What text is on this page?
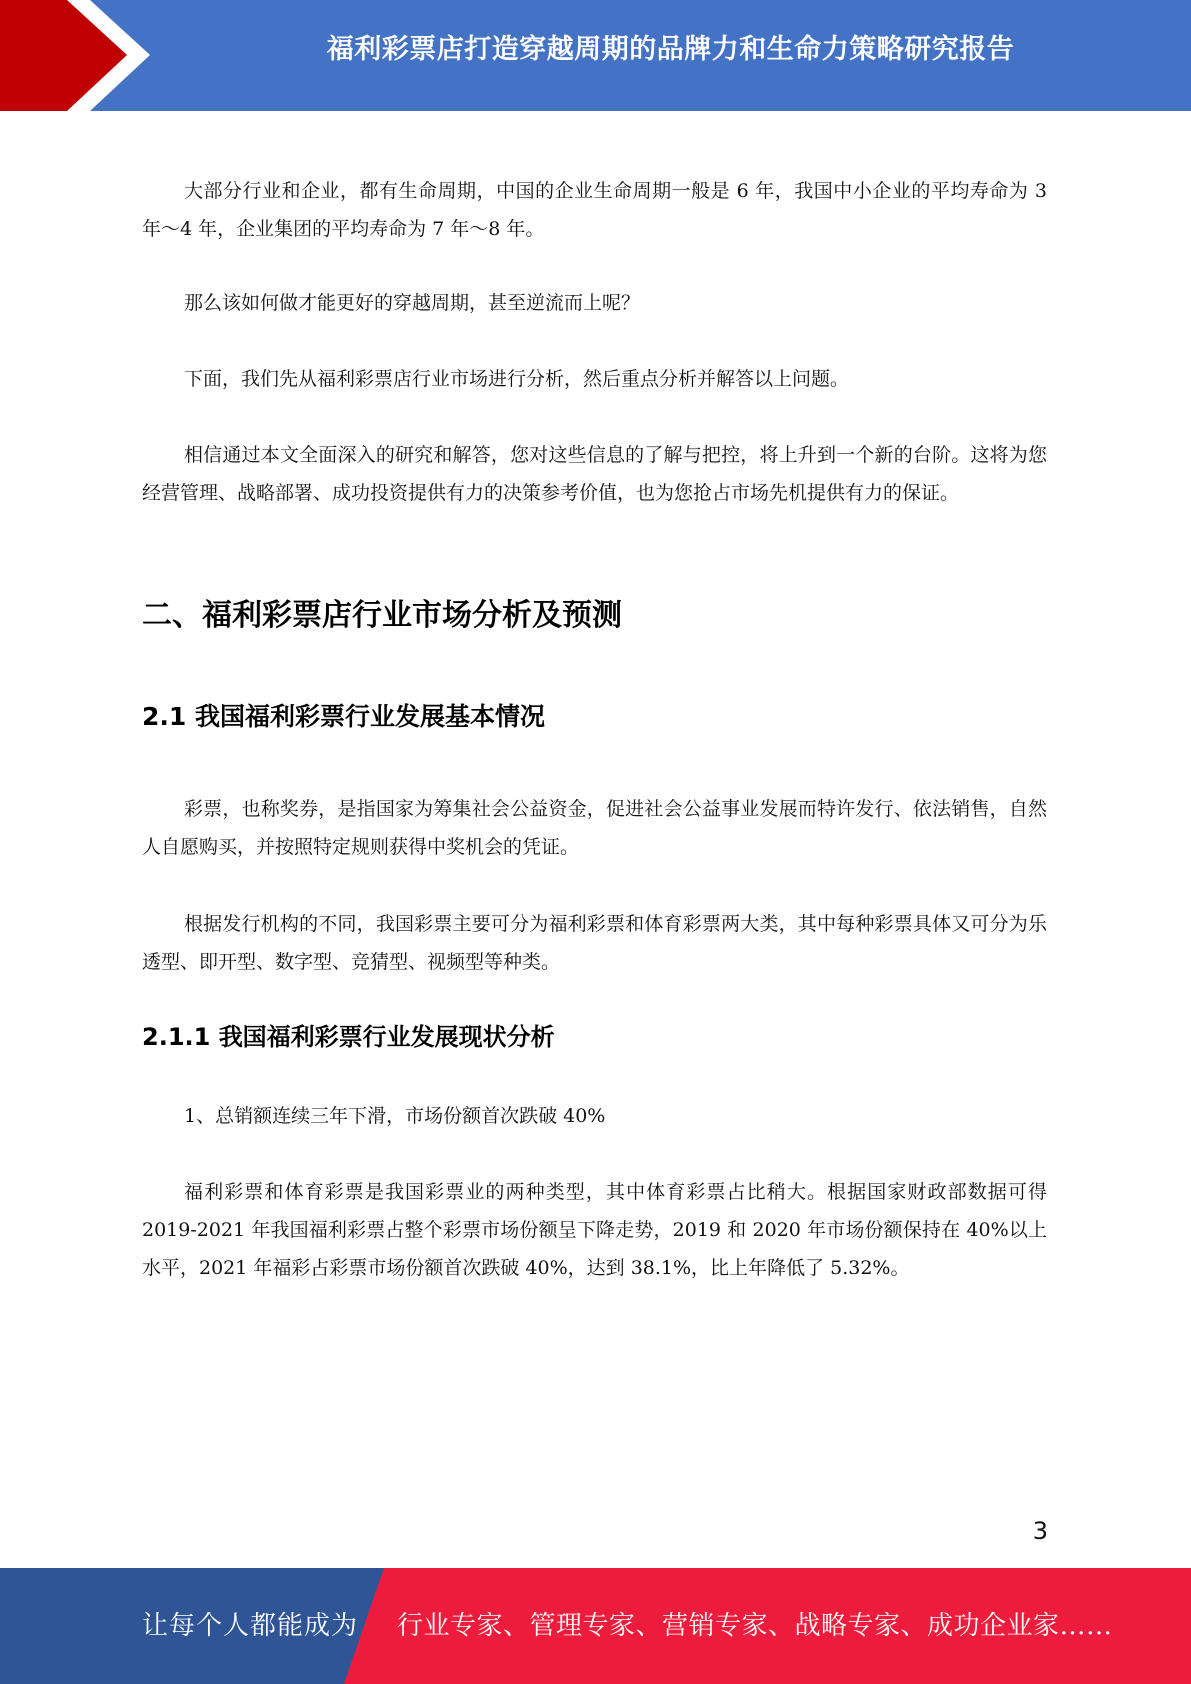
福利彩票店打造穿越周期的品牌力和生命力策略研究报告

大部分行业和企业，都有生命周期，中国的企业生命周期一般是 6 年，我国中小企业的平均寿命为 3 年～4 年，企业集团的平均寿命为 7 年～8 年。

那么该如何做才能更好的穿越周期，甚至逆流而上呢？

下面，我们先从福利彩票店行业市场进行分析，然后重点分析并解答以上问题。

相信通过本文全面深入的研究和解答，您对这些信息的了解与把控，将上升到一个新的台阶。这将为您经营管理、战略部署、成功投资提供有力的决策参考价值，也为您抢占市场先机提供有力的保证。

二、福利彩票店行业市场分析及预测
2.1 我国福利彩票行业发展基本情况

彩票，也称奖券，是指国家为筹集社会公益资金，促进社会公益事业发展而特许发行、依法销售，自然人自愿购买，并按照特定规则获得中奖机会的凭证。

根据发行机构的不同，我国彩票主要可分为福利彩票和体育彩票两大类，其中每种彩票具体又可分为乐透型、即开型、数字型、竞猜型、视频型等种类。

2.1.1 我国福利彩票行业发展现状分析

1、总销额连续三年下滑，市场份额首次跌破 40%

福利彩票和体育彩票是我国彩票业的两种类型，其中体育彩票占比稍大。根据国家财政部数据可得 2019-2021 年我国福利彩票占整个彩票市场份额呈下降走势，2019 和 2020 年市场份额保持在 40%以上水平，2021 年福彩占彩票市场份额首次跌破 40%，达到 38.1%，比上年降低了 5.32%。

3
让每个人都能成为 行业专家、管理专家、营销专家、战略专家、成功企业家……
